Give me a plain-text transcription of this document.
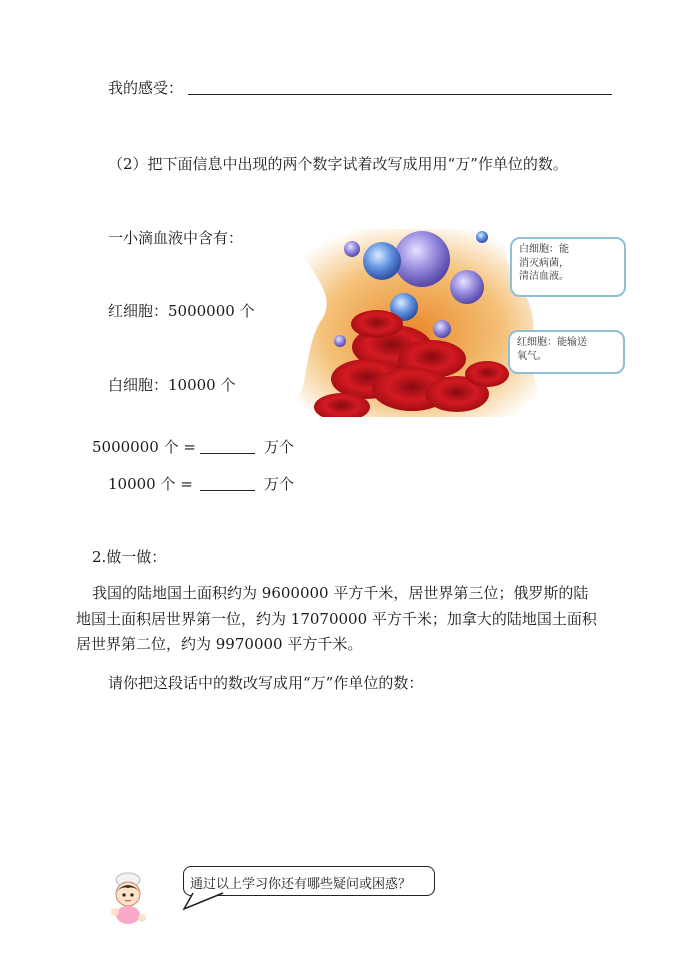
我的感受：
（2）把下面信息中出现的两个数字试着改写成用用“万”作单位的数。
一小滴血液中含有：
红细胞：5000000 个
白细胞：10000 个
白细胞：能
消灭病菌，
清洁血液。
红细胞：能输送
氧气。
5000000 个 =	万个
10000 个 =	万个
2.做一做：
我国的陆地国土面积约为 9600000 平方千米，居世界第三位；俄罗斯的陆
地国土面积居世界第一位，约为 17070000 平方千米；加拿大的陆地国土面积
居世界第二位，约为 9970000 平方千米。
请你把这段话中的数改写成用“万”作单位的数：
通过以上学习你还有哪些疑问或困惑？
